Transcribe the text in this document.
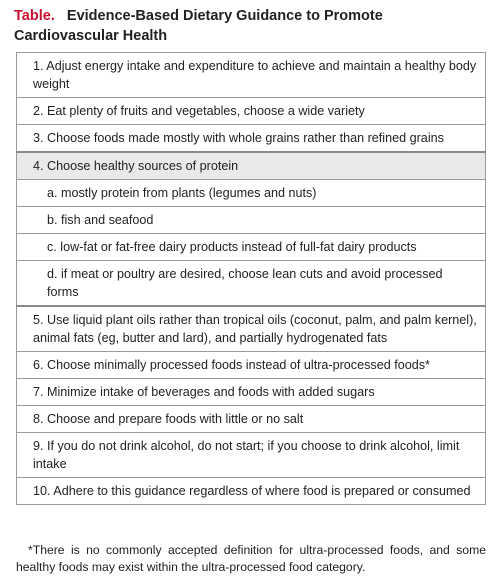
Table. Evidence-Based Dietary Guidance to Promote Cardiovascular Health
1. Adjust energy intake and expenditure to achieve and maintain a healthy body weight
2. Eat plenty of fruits and vegetables, choose a wide variety
3. Choose foods made mostly with whole grains rather than refined grains
4. Choose healthy sources of protein
a. mostly protein from plants (legumes and nuts)
b. fish and seafood
c. low-fat or fat-free dairy products instead of full-fat dairy products
d. if meat or poultry are desired, choose lean cuts and avoid processed forms
5. Use liquid plant oils rather than tropical oils (coconut, palm, and palm kernel), animal fats (eg, butter and lard), and partially hydrogenated fats
6. Choose minimally processed foods instead of ultra-processed foods*
7. Minimize intake of beverages and foods with added sugars
8. Choose and prepare foods with little or no salt
9. If you do not drink alcohol, do not start; if you choose to drink alcohol, limit intake
10. Adhere to this guidance regardless of where food is prepared or consumed
*There is no commonly accepted definition for ultra-processed foods, and some healthy foods may exist within the ultra-processed food category.
